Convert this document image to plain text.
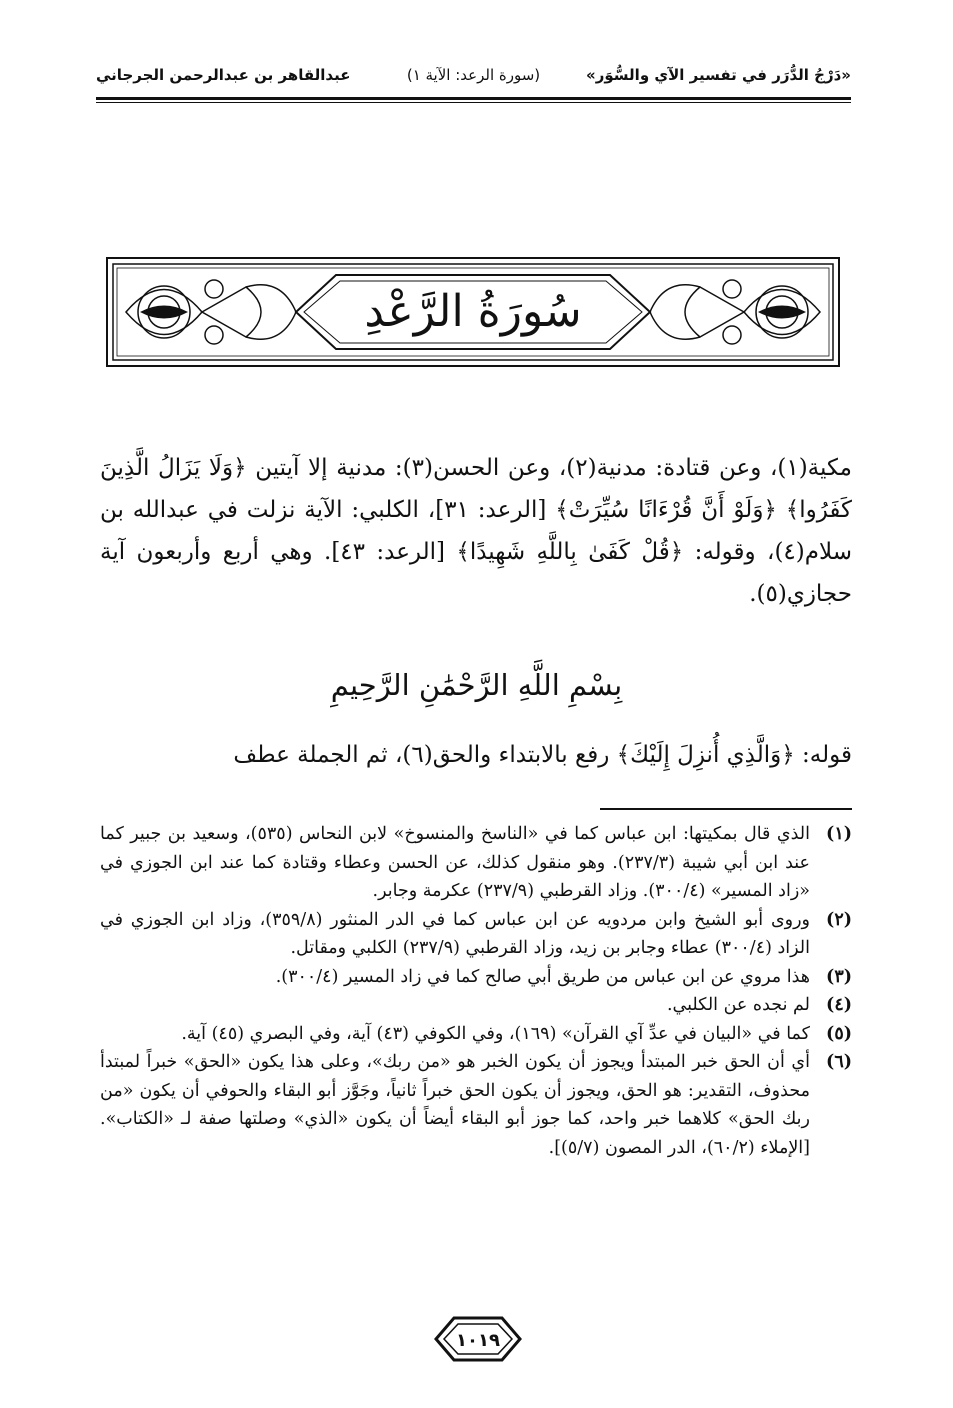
«دَرْجُ الدُّرَر في تفسير الآي والسُّوَر»
(سورة الرعد: الآية ١)
عبدالقاهر بن عبدالرحمن الجرجاني
سُورَةُ الرَّعْدِ
مكية(١)، وعن قتادة: مدنية(٢)، وعن الحسن(٣): مدنية إلا آيتين ﴿وَلَا يَزَالُ الَّذِينَ كَفَرُوا﴾ ﴿وَلَوْ أَنَّ قُرْءَانًا سُيِّرَتْ﴾ [الرعد: ٣١]، الكلبي: الآية نزلت في عبدالله بن سلام(٤)، وقوله: ﴿قُلْ كَفَىٰ بِاللَّهِ شَهِيدًا﴾ [الرعد: ٤٣]. وهي أربع وأربعون آية حجازي(٥).
بِسْمِ اللَّهِ الرَّحْمَٰنِ الرَّحِيمِ
قوله: ﴿وَالَّذِي أُنزِلَ إِلَيْكَ﴾ رفع بالابتداء والحق(٦)، ثم الجملة عطف
(١)
الذي قال بمكيتها: ابن عباس كما في «الناسخ والمنسوخ» لابن النحاس (٥٣٥)، وسعيد بن جبير كما عند ابن أبي شيبة (٢٣٧/٣). وهو منقول كذلك، عن الحسن وعطاء وقتادة كما عند ابن الجوزي في «زاد المسير» (٣٠٠/٤). وزاد القرطبي (٢٣٧/٩) عكرمة وجابر.
(٢)
وروى أبو الشيخ وابن مردويه عن ابن عباس كما في الدر المنثور (٣٥٩/٨)، وزاد ابن الجوزي في الزاد (٣٠٠/٤) عطاء وجابر بن زيد، وزاد القرطبي (٢٣٧/٩) الكلبي ومقاتل.
(٣)
هذا مروي عن ابن عباس من طريق أبي صالح كما في زاد المسير (٣٠٠/٤).
(٤)
لم نجده عن الكلبي.
(٥)
كما في «البيان في عدِّ آي القرآن» (١٦٩)، وفي الكوفي (٤٣) آية، وفي البصري (٤٥) آية.
(٦)
أي أن الحق خبر المبتدأ ويجوز أن يكون الخبر هو «من ربك»، وعلى هذا يكون «الحق» خبراً لمبتدأ محذوف، التقدير: هو الحق، ويجوز أن يكون الحق خبراً ثانياً، وجَوَّز أبو البقاء والحوفي أن يكون «من ربك الحق» كلاهما خبر واحد، كما جوز أبو البقاء أيضاً أن يكون «الذي» وصلتها صفة لـ «الكتاب». [الإملاء (٦٠/٢)، الدر المصون (٥/٧)].
١٠١٩
